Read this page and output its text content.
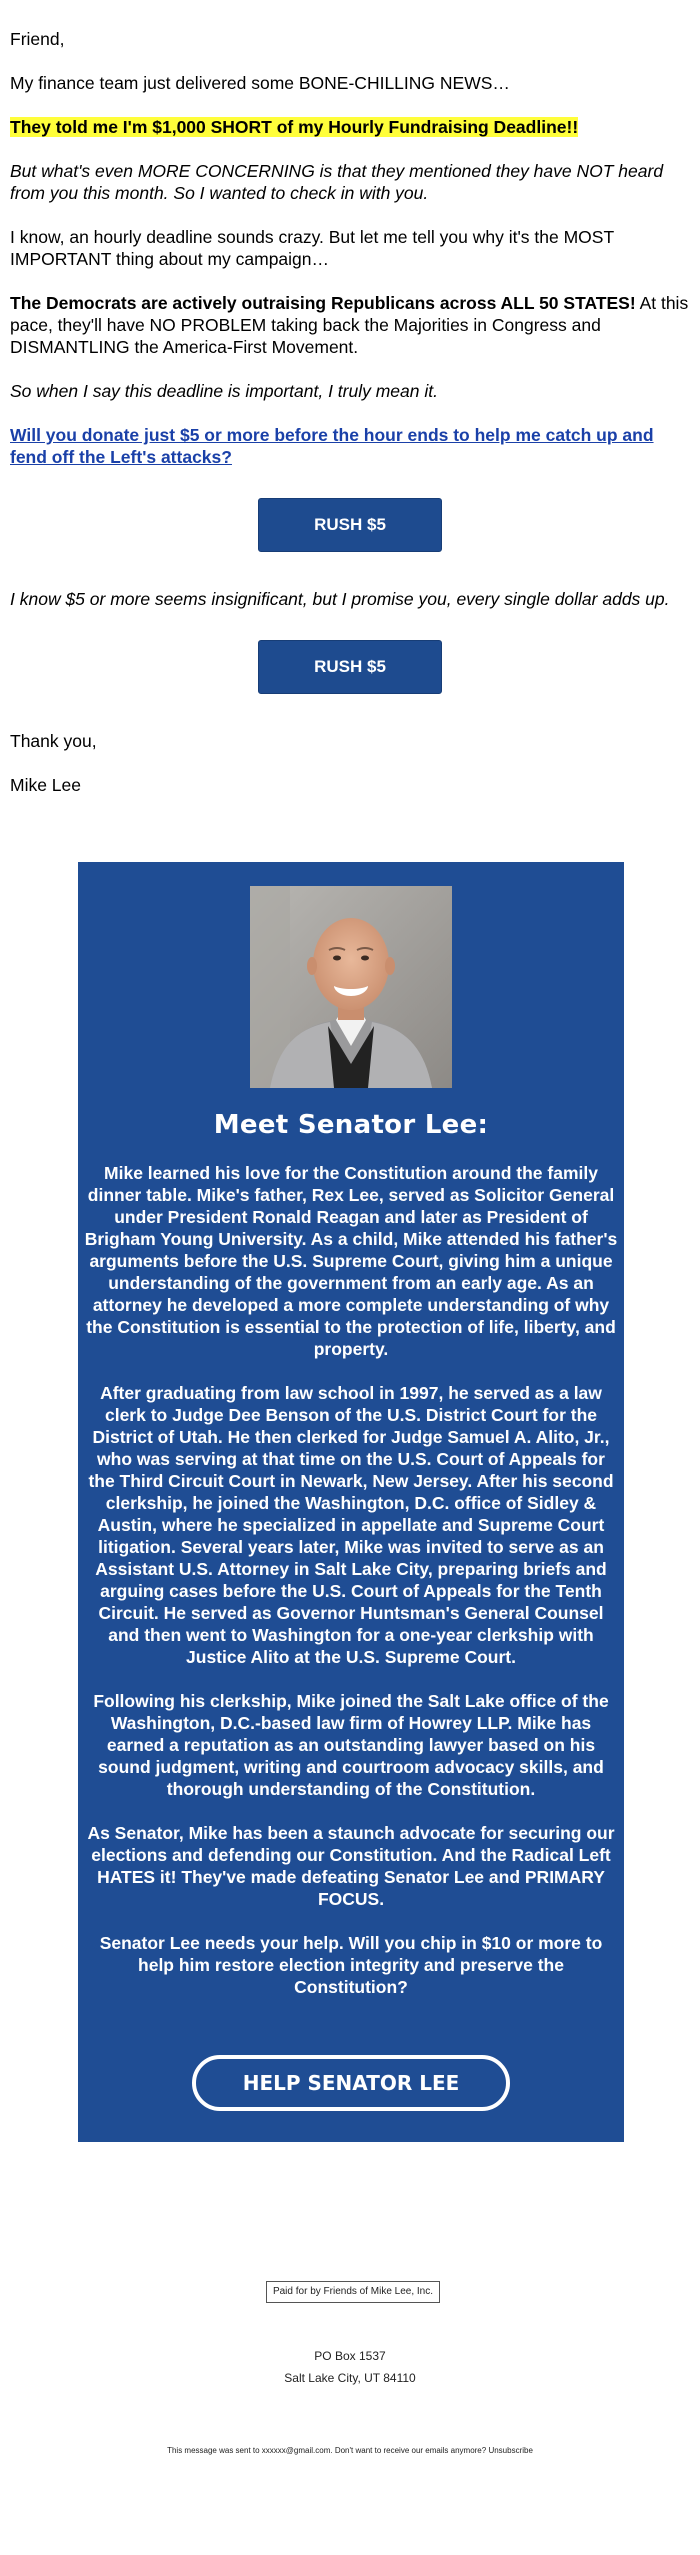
Friend,

My finance team just delivered some BONE-CHILLING NEWS…

They told me I'm $1,000 SHORT of my Hourly Fundraising Deadline!!

But what's even MORE CONCERNING is that they mentioned they have NOT heard from you this month. So I wanted to check in with you.

I know, an hourly deadline sounds crazy. But let me tell you why it's the MOST IMPORTANT thing about my campaign…

The Democrats are actively outraising Republicans across ALL 50 STATES! At this pace, they'll have NO PROBLEM taking back the Majorities in Congress and DISMANTLING the America-First Movement.

So when I say this deadline is important, I truly mean it.

Will you donate just $5 or more before the hour ends to help me catch up and fend off the Left's attacks?

RUSH $5

I know $5 or more seems insignificant, but I promise you, every single dollar adds up.

RUSH $5

Thank you,

Mike Lee

Meet Senator Lee:

Mike learned his love for the Constitution around the family dinner table. Mike's father, Rex Lee, served as Solicitor General under President Ronald Reagan and later as President of Brigham Young University. As a child, Mike attended his father's arguments before the U.S. Supreme Court, giving him a unique understanding of the government from an early age. As an attorney he developed a more complete understanding of why the Constitution is essential to the protection of life, liberty, and property.

After graduating from law school in 1997, he served as a law clerk to Judge Dee Benson of the U.S. District Court for the District of Utah. He then clerked for Judge Samuel A. Alito, Jr., who was serving at that time on the U.S. Court of Appeals for the Third Circuit Court in Newark, New Jersey. After his second clerkship, he joined the Washington, D.C. office of Sidley & Austin, where he specialized in appellate and Supreme Court litigation. Several years later, Mike was invited to serve as an Assistant U.S. Attorney in Salt Lake City, preparing briefs and arguing cases before the U.S. Court of Appeals for the Tenth Circuit. He served as Governor Huntsman's General Counsel and then went to Washington for a one-year clerkship with Justice Alito at the U.S. Supreme Court.

Following his clerkship, Mike joined the Salt Lake office of the Washington, D.C.-based law firm of Howrey LLP. Mike has earned a reputation as an outstanding lawyer based on his sound judgment, writing and courtroom advocacy skills, and thorough understanding of the Constitution.

As Senator, Mike has been a staunch advocate for securing our elections and defending our Constitution. And the Radical Left HATES it! They've made defeating Senator Lee and PRIMARY FOCUS.

Senator Lee needs your help. Will you chip in $10 or more to help him restore election integrity and preserve the Constitution?

HELP SENATOR LEE
Paid for by Friends of Mike Lee, Inc.
PO Box 1537
Salt Lake City, UT 84110
This message was sent to xxxxxx@gmail.com. Don't want to receive our emails anymore? Unsubscribe
